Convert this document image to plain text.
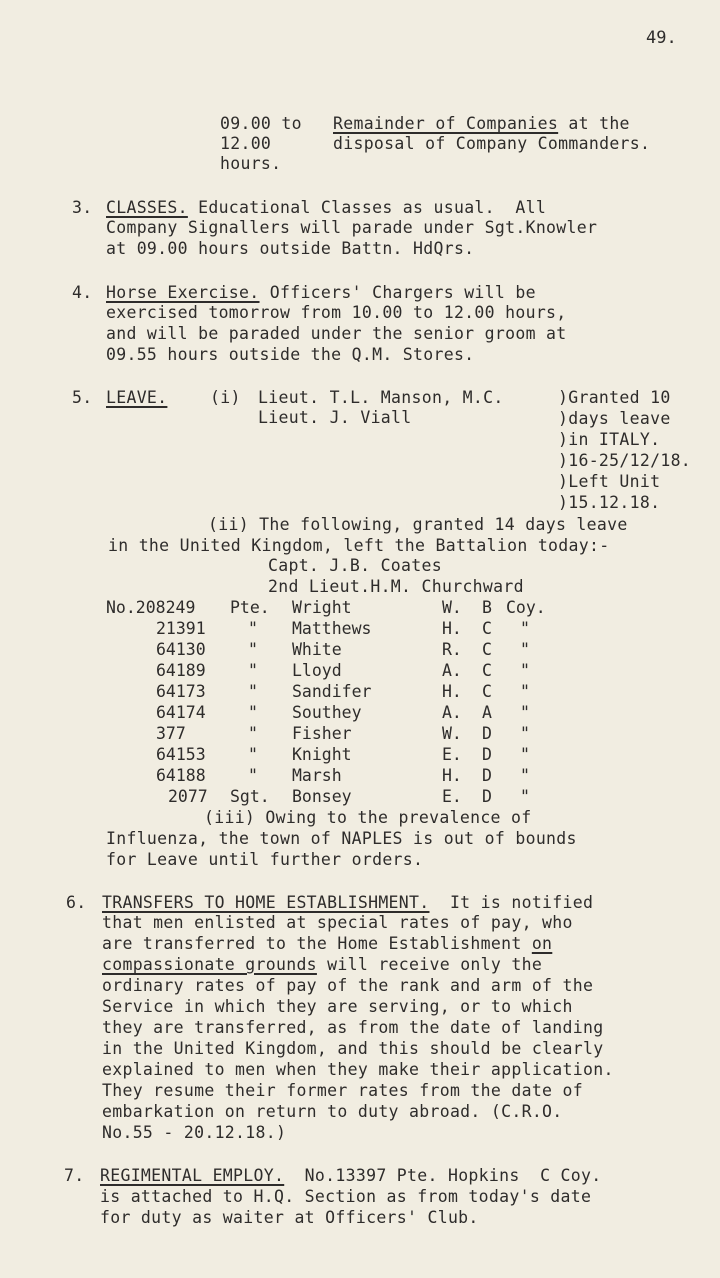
49.
09.00 to
12.00
hours.
Remainder of Companies at the
disposal of Company Commanders.
3. CLASSES. Educational Classes as usual.  All
Company Signallers will parade under Sgt.Knowler
at 09.00 hours outside Battn. HdQrs.
4. Horse Exercise. Officers' Chargers will be
exercised tomorrow from 10.00 to 12.00 hours,
and will be paraded under the senior groom at
09.55 hours outside the Q.M. Stores.
5. LEAVE.	(i) Lieut. T.L. Manson, M.C.
Lieut. J. Viall
)Granted 10
)days leave
)in ITALY.
)16-25/12/18.
)Left Unit
)15.12.18.
(ii) The following, granted 14 days leave
in the United Kingdom, left the Battalion today:-
Capt. J.B. Coates
2nd Lieut.H.M. Churchward
No.208249 Pte. Wright	W. B Coy.
21391	" Matthews	H. C "
64130	" White	R. C "
64189	" Lloyd	A. C "
64173	" Sandifer	H. C "
64174	" Southey	A. A "
377	" Fisher	W. D "
64153	" Knight	E. D "
64188	" Marsh	H. D "
2077 Sgt. Bonsey	E. D "
(iii) Owing to the prevalence of
Influenza, the town of NAPLES is out of bounds
for Leave until further orders.
6. TRANSFERS TO HOME ESTABLISHMENT.  It is notified
that men enlisted at special rates of pay, who
are transferred to the Home Establishment on
compassionate grounds will receive only the
ordinary rates of pay of the rank and arm of the
Service in which they are serving, or to which
they are transferred, as from the date of landing
in the United Kingdom, and this should be clearly
explained to men when they make their application.
They resume their former rates from the date of
embarkation on return to duty abroad. (C.R.O.
No.55 - 20.12.18.)
7. REGIMENTAL EMPLOY.  No.13397 Pte. Hopkins  C Coy.
is attached to H.Q. Section as from today's date
for duty as waiter at Officers' Club.
